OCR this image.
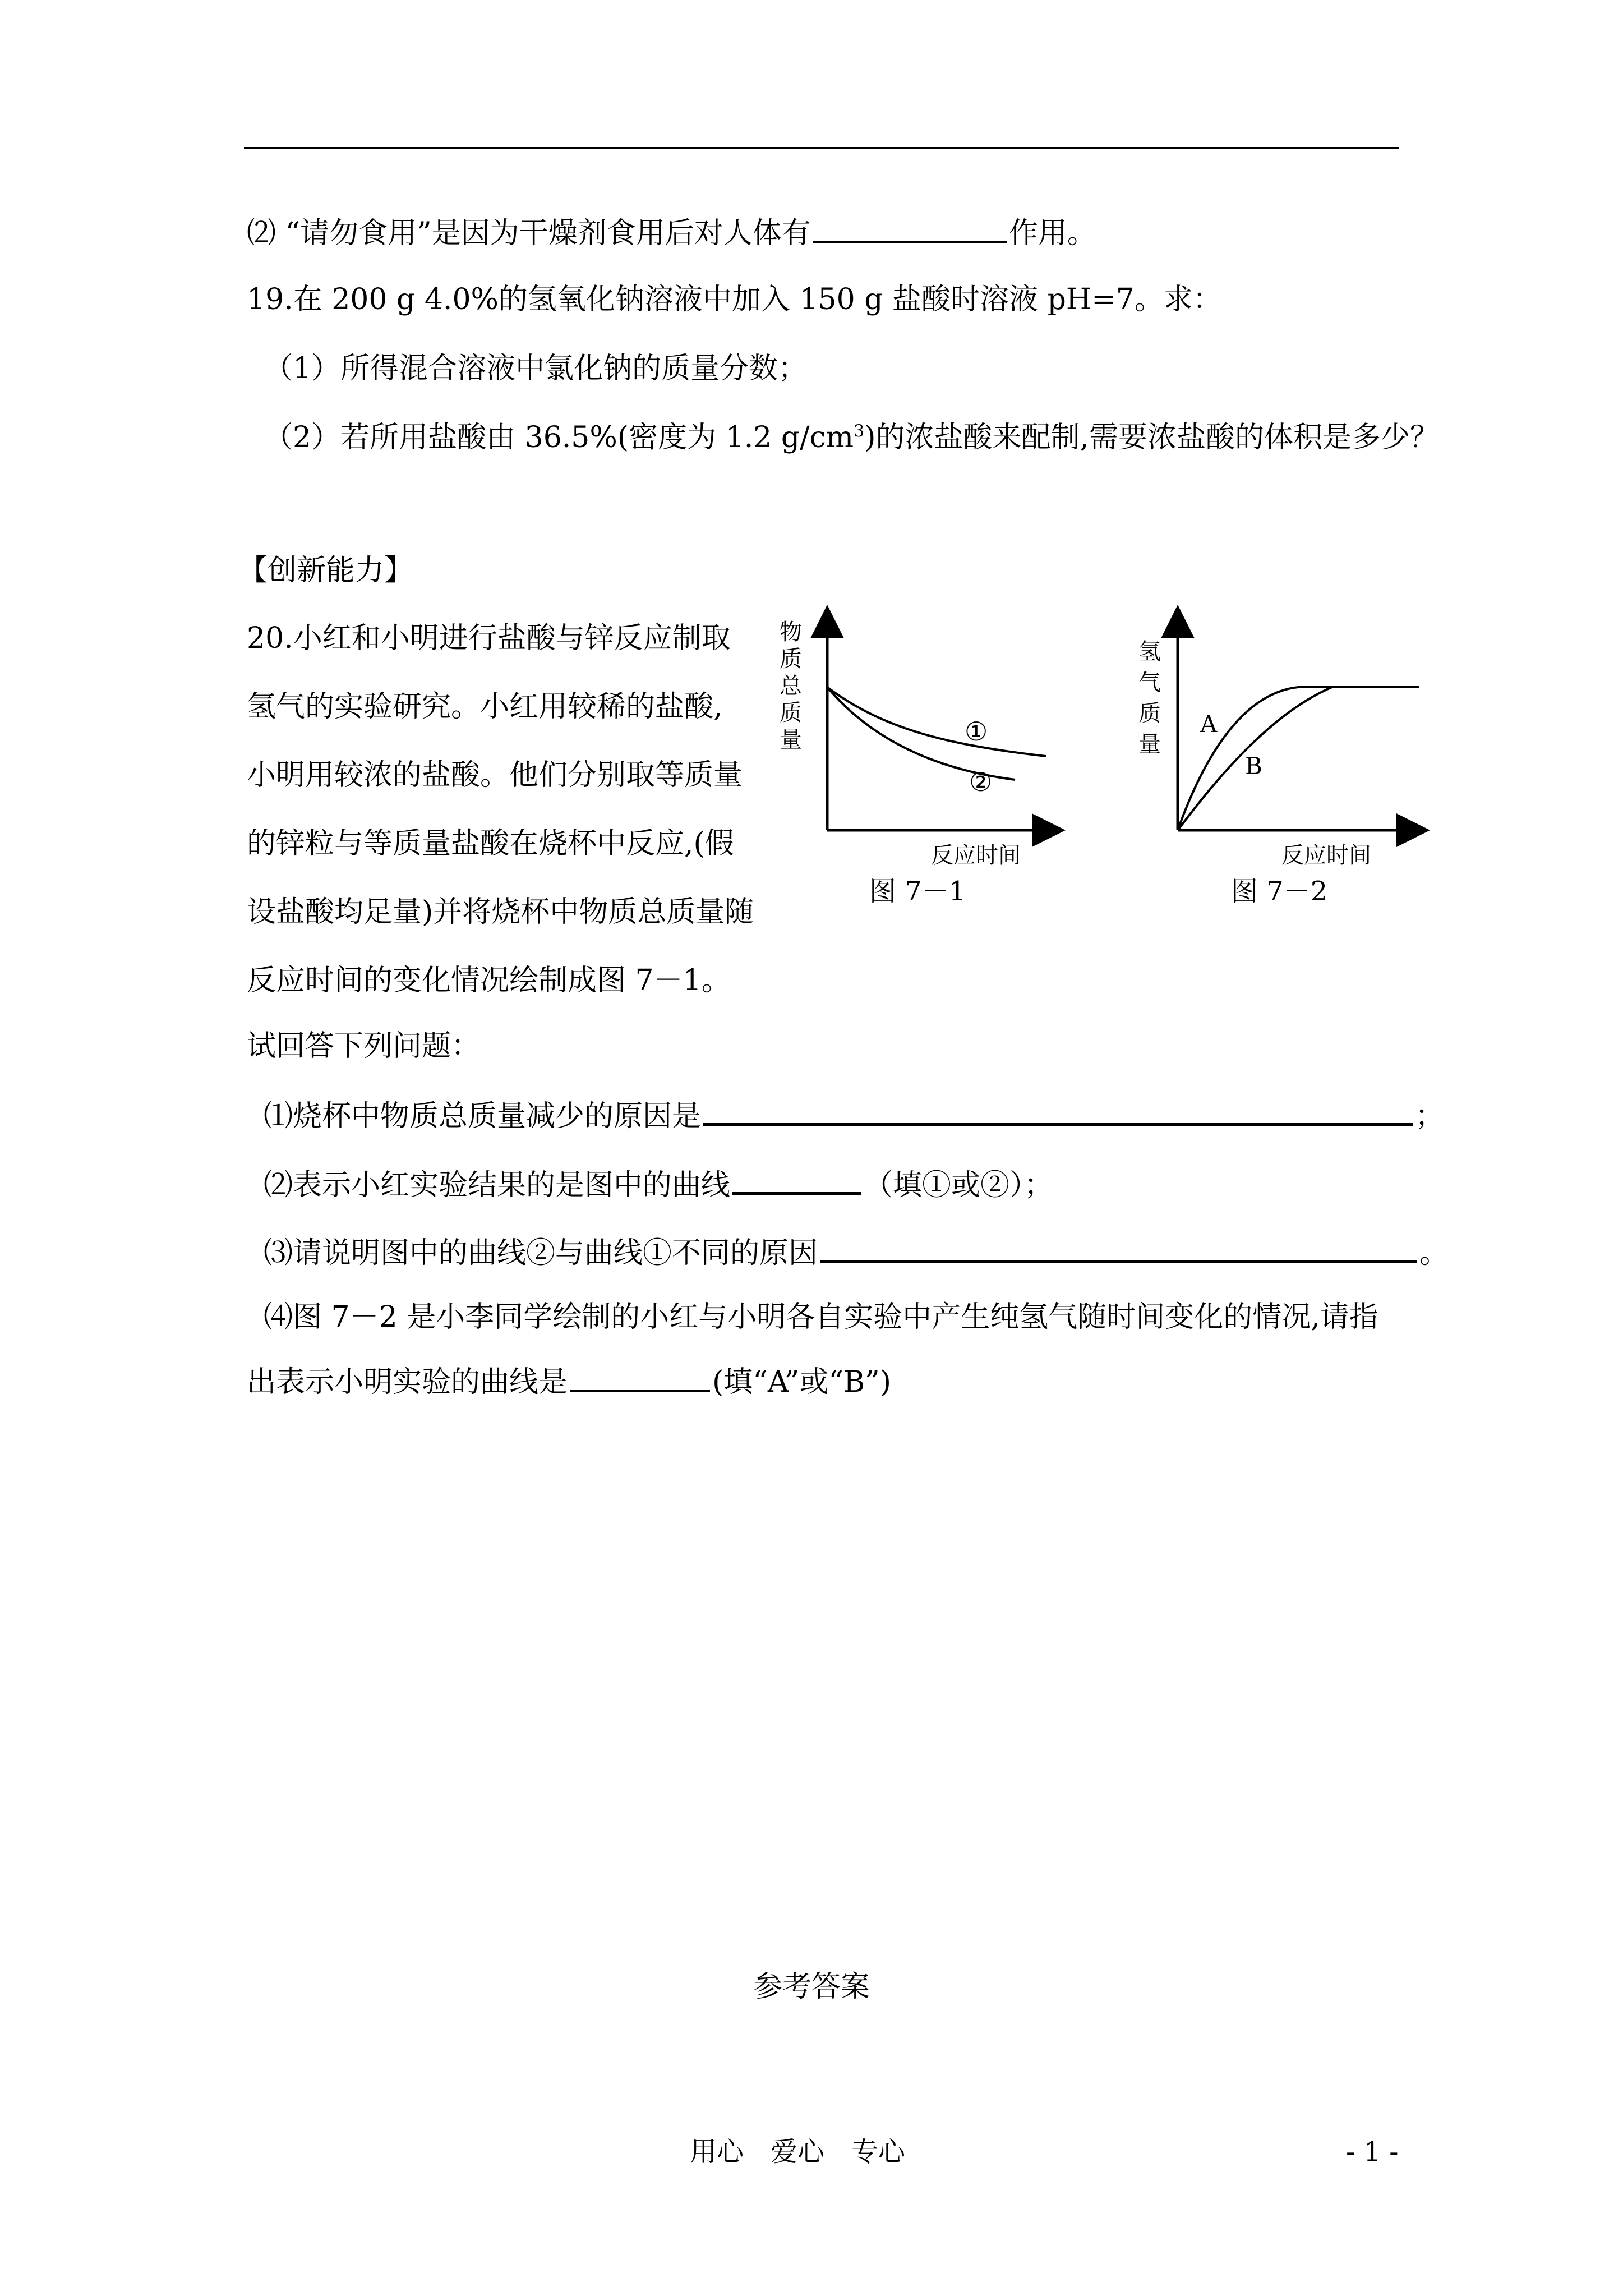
⑵ “请勿食用”是因为干燥剂食用后对人体有	作用。
19.在 200 g 4.0%的氢氧化钠溶液中加入 150 g 盐酸时溶液 pH=7。求：
（1）所得混合溶液中氯化钠的质量分数；
（2）若所用盐酸由 36.5%(密度为 1.2 $g/cm^3$)的浓盐酸来配制,需要浓盐酸的体积是多少？
【创新能力】
20.小红和小明进行盐酸与锌反应制取
氢气的实验研究。小红用较稀的盐酸,
小明用较浓的盐酸。他们分别取等质量
的锌粒与等质量盐酸在烧杯中反应,(假
设盐酸均足量)并将烧杯中物质总质量随
反应时间的变化情况绘制成图 7－1。
①
②
物
质
总
质
量
反应时间
图 7－1
A
B
氢
气
质
量
反应时间
图 7－2
试回答下列问题：
⑴烧杯中物质总质量减少的原因是	；
⑵表示小红实验结果的是图中的曲线	（填①或②）；
⑶请说明图中的曲线②与曲线①不同的原因	。
⑷图 7－2 是小李同学绘制的小红与小明各自实验中产生纯氢气随时间变化的情况,请指
出表示小明实验的曲线是	(填“A”或“B”)
参考答案
用心　爱心　专心	- 1 -
